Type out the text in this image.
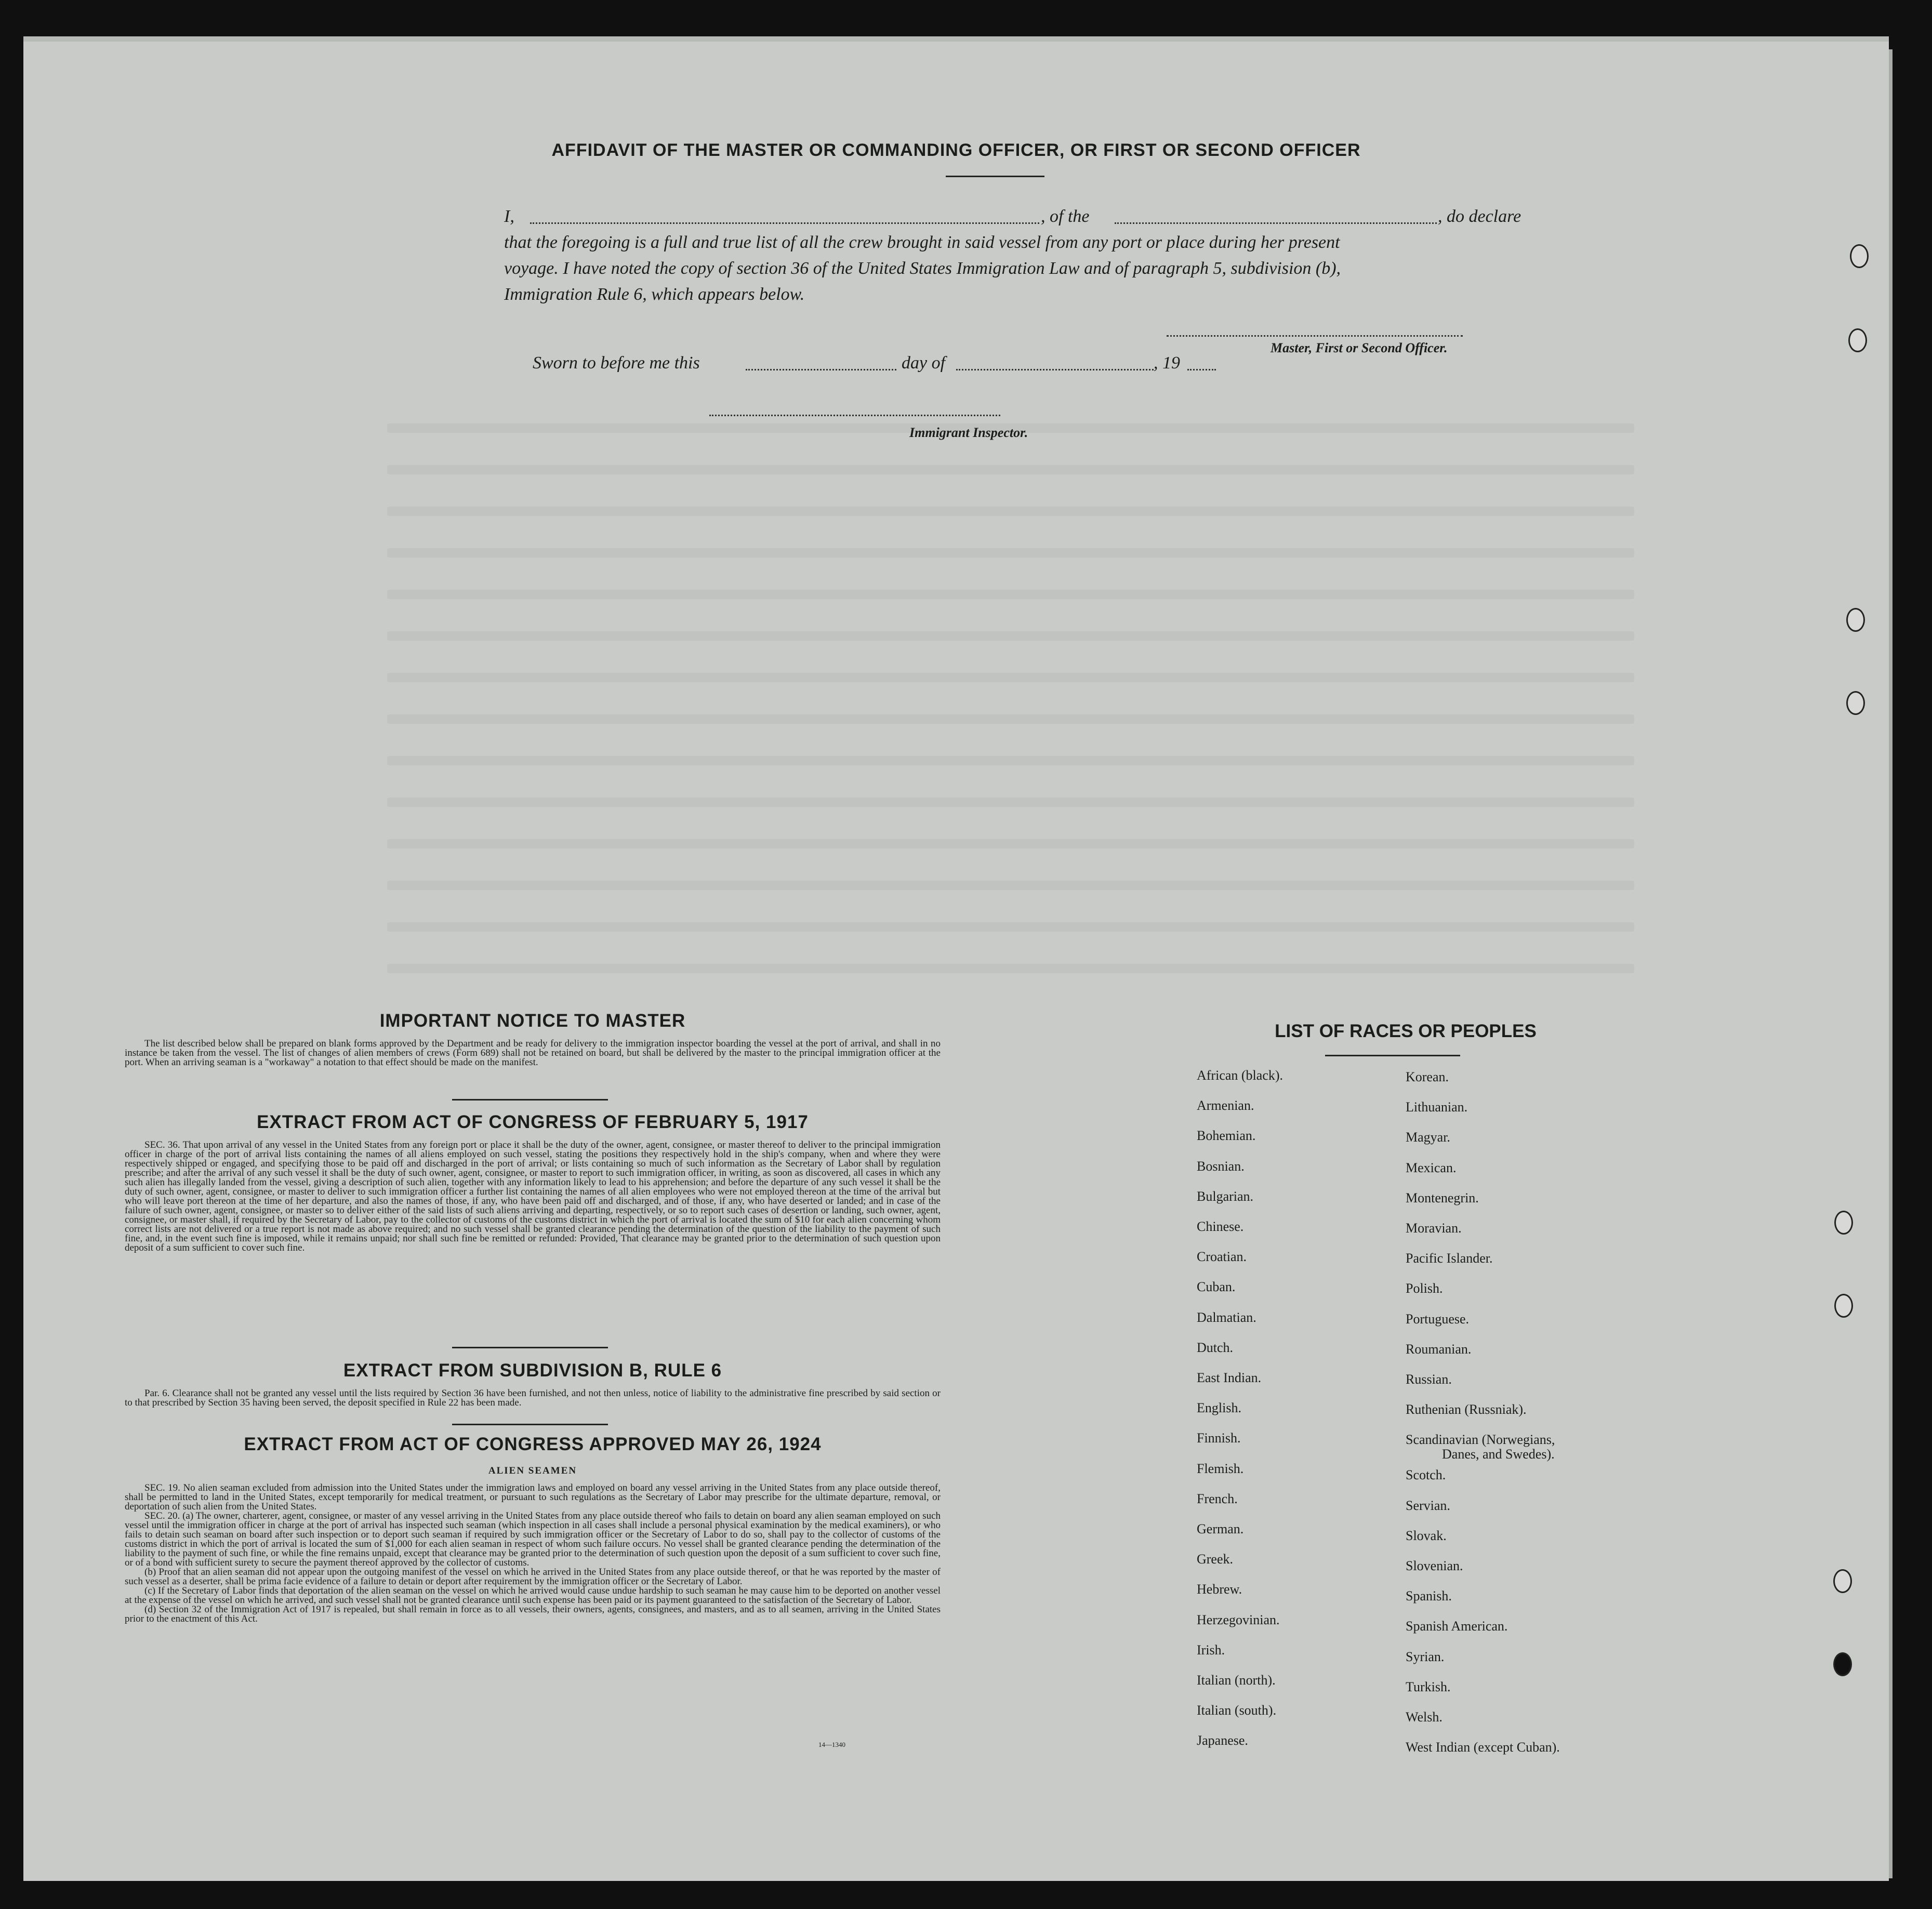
AFFIDAVIT OF THE MASTER OR COMMANDING OFFICER, OR FIRST OR SECOND OFFICER
I,	, of the	, do declare
that the foregoing is a full and true list of all the crew brought in said vessel from any port or place during her present
voyage. I have noted the copy of section 36 of the United States Immigration Law and of paragraph 5, subdivision (b),
Immigration Rule 6, which appears below.
Master, First or Second Officer.
Sworn to before me this	day of	, 19
Immigrant Inspector.
IMPORTANT NOTICE TO MASTER

The list described below shall be prepared on blank forms approved by the Department and be ready for delivery to the immigration inspector boarding the vessel at the port of arrival, and shall in no instance be taken from the vessel. The list of changes of alien members of crews (Form 689) shall not be retained on board, but shall be delivered by the master to the principal immigration officer at the port. When an arriving seaman is a "workaway" a notation to that effect should be made on the manifest.

EXTRACT FROM ACT OF CONGRESS OF FEBRUARY 5, 1917

SEC. 36. That upon arrival of any vessel in the United States from any foreign port or place it shall be the duty of the owner, agent, consignee, or master thereof to deliver to the principal immigration officer in charge of the port of arrival lists containing the names of all aliens employed on such vessel, stating the positions they respectively hold in the ship's company, when and where they were respectively shipped or engaged, and specifying those to be paid off and discharged in the port of arrival; or lists containing so much of such information as the Secretary of Labor shall by regulation prescribe; and after the arrival of any such vessel it shall be the duty of such owner, agent, consignee, or master to report to such immigration officer, in writing, as soon as discovered, all cases in which any such alien has illegally landed from the vessel, giving a description of such alien, together with any information likely to lead to his apprehension; and before the departure of any such vessel it shall be the duty of such owner, agent, consignee, or master to deliver to such immigration officer a further list containing the names of all alien employees who were not employed thereon at the time of the arrival but who will leave port thereon at the time of her departure, and also the names of those, if any, who have been paid off and discharged, and of those, if any, who have deserted or landed; and in case of the failure of such owner, agent, consignee, or master so to deliver either of the said lists of such aliens arriving and departing, respectively, or so to report such cases of desertion or landing, such owner, agent, consignee, or master shall, if required by the Secretary of Labor, pay to the collector of customs of the customs district in which the port of arrival is located the sum of $10 for each alien concerning whom correct lists are not delivered or a true report is not made as above required; and no such vessel shall be granted clearance pending the determination of the question of the liability to the payment of such fine, and, in the event such fine is imposed, while it remains unpaid; nor shall such fine be remitted or refunded: Provided, That clearance may be granted prior to the determination of such question upon deposit of a sum sufficient to cover such fine.

EXTRACT FROM SUBDIVISION B, RULE 6

Par. 6. Clearance shall not be granted any vessel until the lists required by Section 36 have been furnished, and not then unless, notice of liability to the administrative fine prescribed by said section or to that prescribed by Section 35 having been served, the deposit specified in Rule 22 has been made.

EXTRACT FROM ACT OF CONGRESS APPROVED MAY 26, 1924
ALIEN SEAMEN

SEC. 19. No alien seaman excluded from admission into the United States under the immigration laws and employed on board any vessel arriving in the United States from any place outside thereof, shall be permitted to land in the United States, except temporarily for medical treatment, or pursuant to such regulations as the Secretary of Labor may prescribe for the ultimate departure, removal, or deportation of such alien from the United States.

SEC. 20. (a) The owner, charterer, agent, consignee, or master of any vessel arriving in the United States from any place outside thereof who fails to detain on board any alien seaman employed on such vessel until the immigration officer in charge at the port of arrival has inspected such seaman (which inspection in all cases shall include a personal physical examination by the medical examiners), or who fails to detain such seaman on board after such inspection or to deport such seaman if required by such immigration officer or the Secretary of Labor to do so, shall pay to the collector of customs of the customs district in which the port of arrival is located the sum of $1,000 for each alien seaman in respect of whom such failure occurs. No vessel shall be granted clearance pending the determination of the liability to the payment of such fine, or while the fine remains unpaid, except that clearance may be granted prior to the determination of such question upon the deposit of a sum sufficient to cover such fine, or of a bond with sufficient surety to secure the payment thereof approved by the collector of customs.

(b) Proof that an alien seaman did not appear upon the outgoing manifest of the vessel on which he arrived in the United States from any place outside thereof, or that he was reported by the master of such vessel as a deserter, shall be prima facie evidence of a failure to detain or deport after requirement by the immigration officer or the Secretary of Labor.

(c) If the Secretary of Labor finds that deportation of the alien seaman on the vessel on which he arrived would cause undue hardship to such seaman he may cause him to be deported on another vessel at the expense of the vessel on which he arrived, and such vessel shall not be granted clearance until such expense has been paid or its payment guaranteed to the satisfaction of the Secretary of Labor.

(d) Section 32 of the Immigration Act of 1917 is repealed, but shall remain in force as to all vessels, their owners, agents, consignees, and masters, and as to all seamen, arriving in the United States prior to the enactment of this Act.

14—1340
LIST OF RACES OR PEOPLES
African (black).
Armenian.
Bohemian.
Bosnian.
Bulgarian.
Chinese.
Croatian.
Cuban.
Dalmatian.
Dutch.
East Indian.
English.
Finnish.
Flemish.
French.
German.
Greek.
Hebrew.
Herzegovinian.
Irish.
Italian (north).
Italian (south).
Japanese.
Korean.
Lithuanian.
Magyar.
Mexican.
Montenegrin.
Moravian.
Pacific Islander.
Polish.
Portuguese.
Roumanian.
Russian.
Ruthenian (Russniak).
Scandinavian (Norwegians,
Danes, and Swedes).
Scotch.
Servian.
Slovak.
Slovenian.
Spanish.
Spanish American.
Syrian.
Turkish.
Welsh.
West Indian (except Cuban).
